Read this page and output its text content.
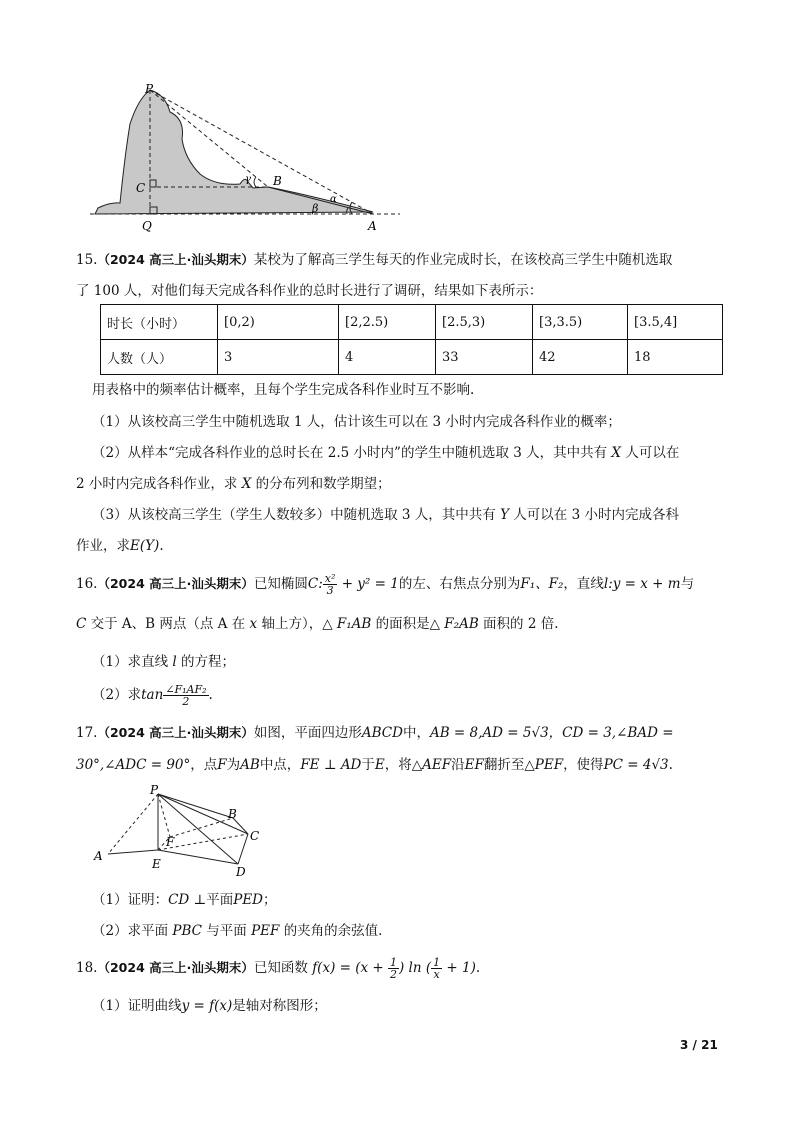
P
C
Q
B
A
γ
β
α
15.（2024 高三上·汕头期末）某校为了解高三学生每天的作业完成时长，在该校高三学生中随机选取
了 100 人，对他们每天完成各科作业的总时长进行了调研，结果如下表所示：
时长（小时）	[0,2)	[2,2.5)	[2.5,3)	[3,3.5)	[3.5,4]
人数（人）	3	4	33	42	18
用表格中的频率估计概率，且每个学生完成各科作业时互不影响.
（1）从该校高三学生中随机选取 1 人，估计该生可以在 3 小时内完成各科作业的概率；
（2）从样本“完成各科作业的总时长在 2.5 小时内”的学生中随机选取 3 人，其中共有 X 人可以在
2 小时内完成各科作业，求 X 的分布列和数学期望；
（3）从该校高三学生（学生人数较多）中随机选取 3 人，其中共有 Y 人可以在 3 小时内完成各科
作业，求E(Y).
16.（2024 高三上·汕头期末）已知椭圆C: $\frac{\text{x²}}{3} + y^2 = 1$的左、右焦点分别为F₁、F₂，直线l:y = x + m与
C 交于 A、B 两点（点 A 在 x 轴上方），△ F₁AB 的面积是△ F₂AB 面积的 2 倍.
（1）求直线 l 的方程；
（2）求$\tan \frac{\text{∠F₁AF₂}}{2}$ .
17.（2024 高三上·汕头期末）如图，平面四边形ABCD中，AB = 8,AD = 5√3，CD = 3,∠BAD =
30°,∠ADC = 90°，点F为AB中点，FE ⊥ AD于E，将△AEF沿EF翻折至△PEF，使得PC = 4√3.
P
B
C
F
A
E
D
（1）证明：CD ⊥平面PED；
（2）求平面 PBC 与平面 PEF 的夹角的余弦值.
18.（2024 高三上·汕头期末）已知函数 $f(x) = (x + \frac{1}{2}$ ) ln ( $\frac{1}{x} + 1$).
（1）证明曲线y = f(x)是轴对称图形；
3 / 21
